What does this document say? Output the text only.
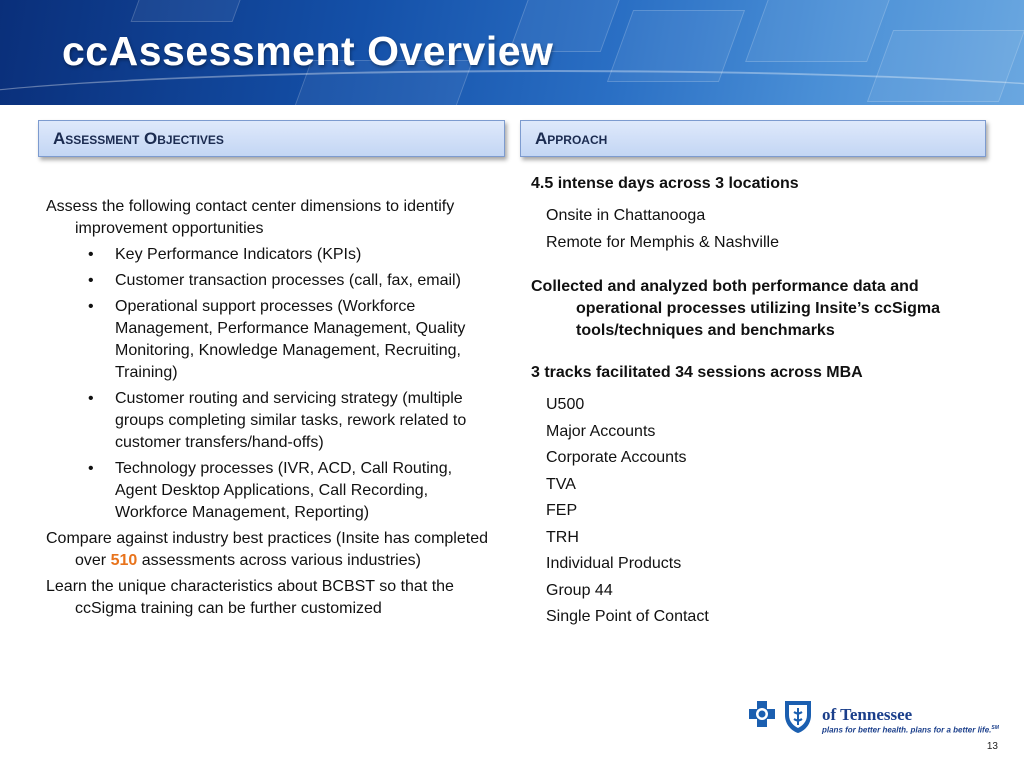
ccAssessment Overview
Assessment Objectives	Approach

Assess the following contact center dimensions to identify improvement opportunities

• Key Performance Indicators (KPIs)
• Customer transaction processes (call, fax, email)
• Operational support processes (Workforce Management, Performance Management, Quality Monitoring, Knowledge Management, Recruiting, Training)
• Customer routing and servicing strategy (multiple groups completing similar tasks, rework related to customer transfers/hand-offs)
• Technology processes (IVR, ACD, Call Routing, Agent Desktop Applications, Call Recording, Workforce Management, Reporting)

Compare against industry best practices (Insite has completed over 510 assessments across various industries)

Learn the unique characteristics about BCBST so that the ccSigma training can be further customized

4.5 intense days across 3 locations

Onsite in Chattanooga

Remote for Memphis & Nashville

Collected and analyzed both performance data and operational processes utilizing Insite’s ccSigma tools/techniques and benchmarks

3 tracks facilitated 34 sessions across MBA

U500

Major Accounts

Corporate Accounts

TVA

FEP

TRH

Individual Products

Group 44

Single Point of Contact

of Tennessee
plans for better health. plans for a better life.℠
13
